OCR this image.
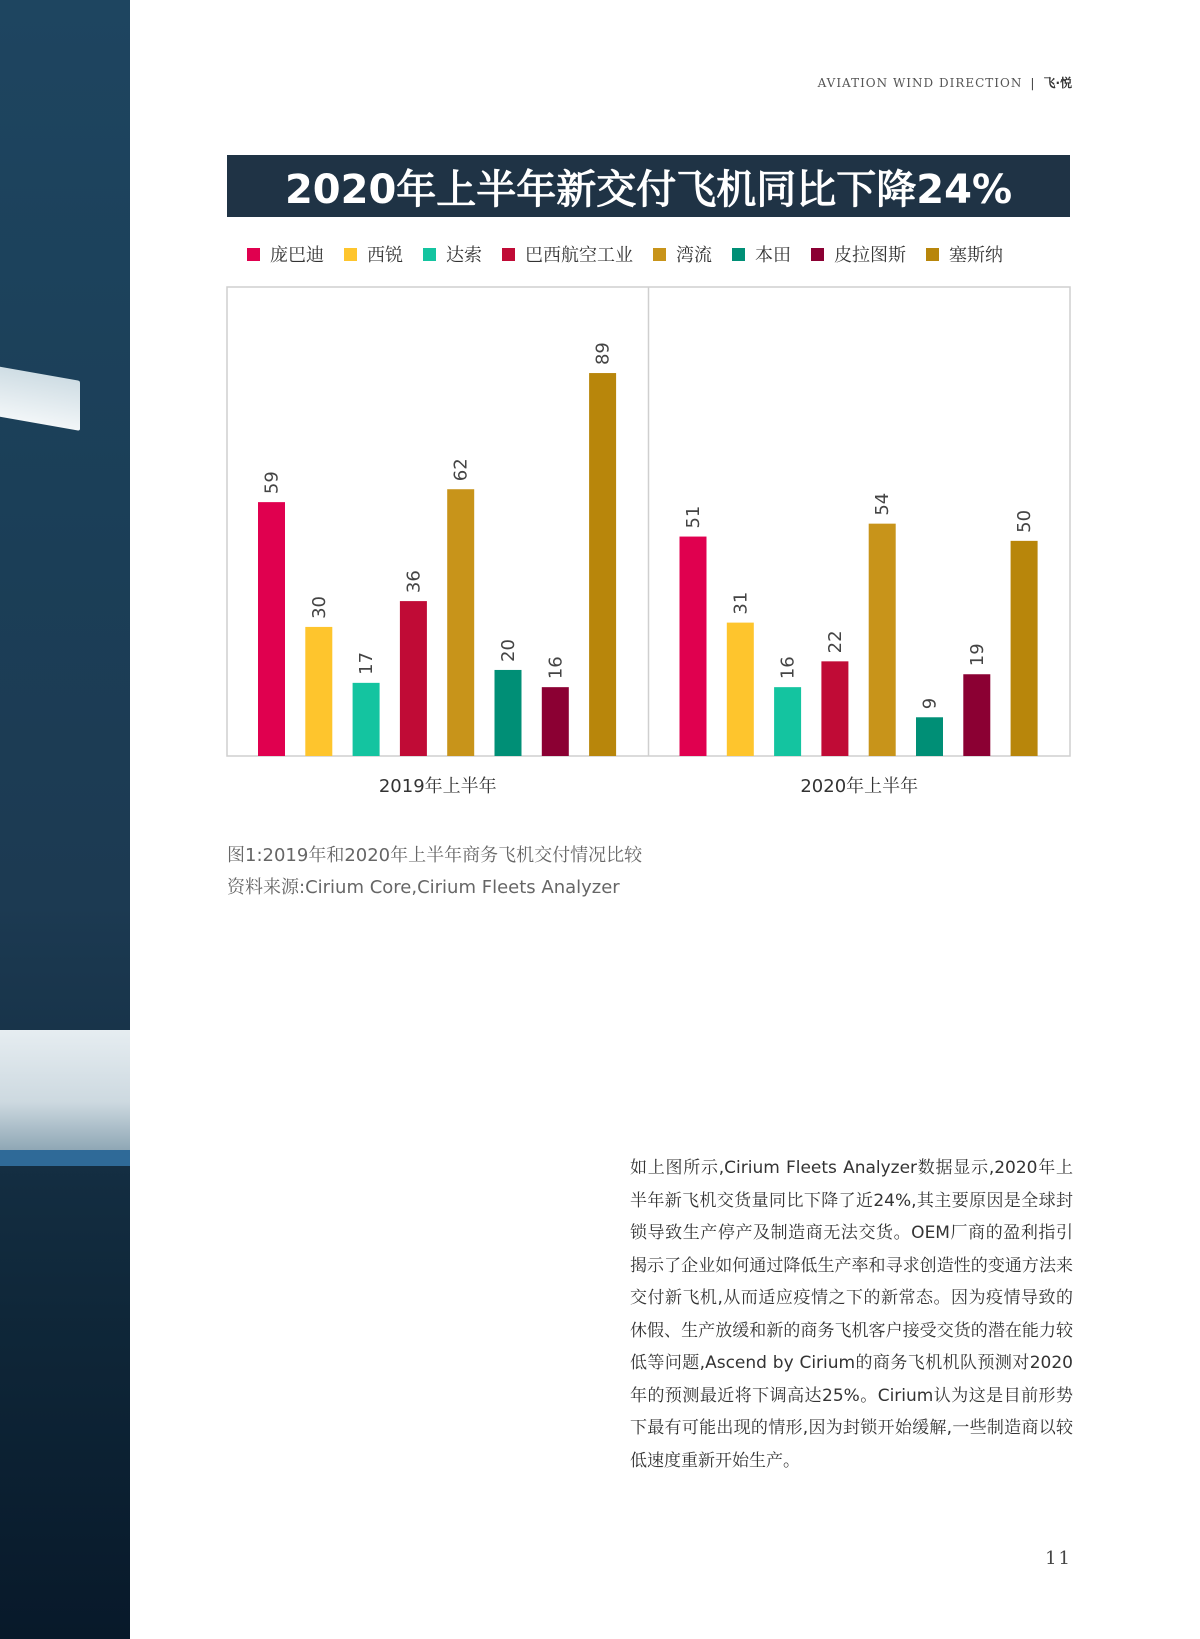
AVIATION WIND DIRECTION | 飞·悦
2020年上半年新交付飞机同比下降24%
庞巴迪 西锐 达索 巴西航空工业 湾流 本田 皮拉图斯 塞斯纳
59
30
17
36
62
20
16
89
2019年上半年
51
31
16
22
54
9
19
50
2020年上半年
图1:2019年和2020年上半年商务飞机交付情况比较
资料来源:Cirium Core,Cirium Fleets Analyzer
如上图所示,Cirium Fleets Analyzer数据显示,2020年上半年新飞机交货量同比下降了近24%,其主要原因是全球封锁导致生产停产及制造商无法交货。OEM厂商的盈利指引揭示了企业如何通过降低生产率和寻求创造性的变通方法来交付新飞机,从而适应疫情之下的新常态。因为疫情导致的休假、生产放缓和新的商务飞机客户接受交货的潜在能力较低等问题,Ascend by Cirium的商务飞机机队预测对2020年的预测最近将下调高达25%。Cirium认为这是目前形势下最有可能出现的情形,因为封锁开始缓解,一些制造商以较低速度重新开始生产。
11
